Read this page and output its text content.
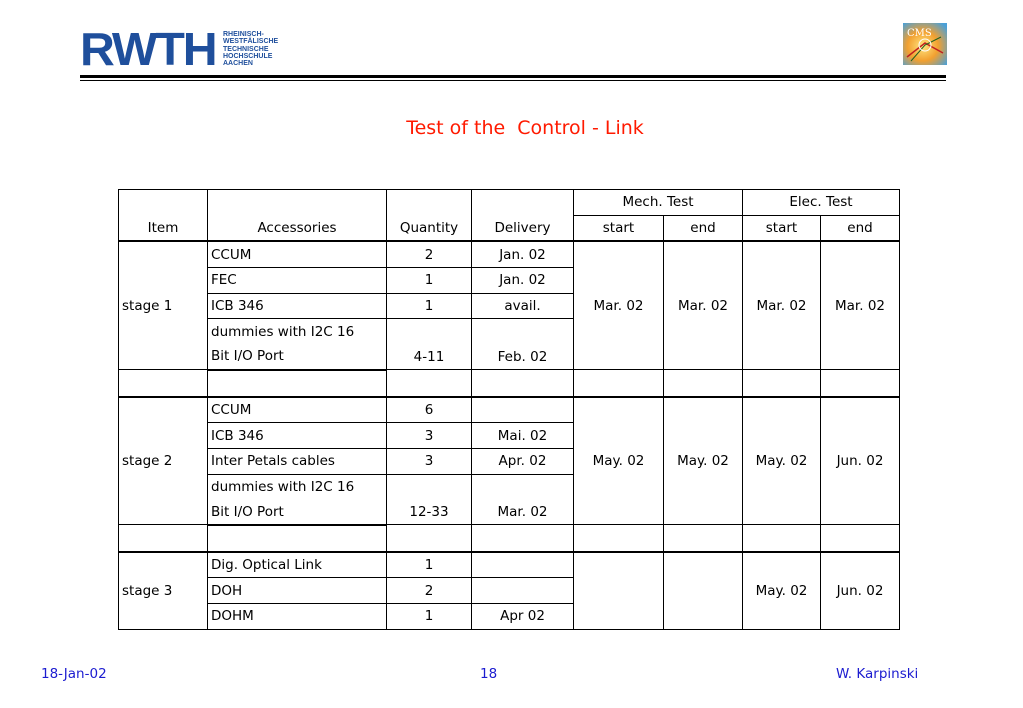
RWTH RHEINISCH-
WESTFÄLISCHE
TECHNISCHE
HOCHSCHULE
AACHEN
CMS
Test of the  Control - Link
				Mech. Test		Elec. Test	
Item	Accessories	Quantity	Delivery	start	end	start	end
stage 1	CCUM	2	Jan. 02	Mar. 02	Mar. 02	Mar. 02	Mar. 02
	FEC	1	Jan. 02				
	ICB 346	1	avail.				
	dummies with I2C 16	4-11	Feb. 02				
	Bit I/O Port						

stage 2	CCUM	6		May. 02	May. 02	May. 02	Jun. 02
	ICB 346	3	Mai. 02				
	Inter Petals cables	3	Apr. 02				
	dummies with I2C 16	12-33	Mar. 02				
	Bit I/O Port						

stage 3	Dig. Optical Link	1				May. 02	Jun. 02
	DOH	2					
	DOHM	1	Apr 02				
18-Jan-02	18	W. Karpinski
